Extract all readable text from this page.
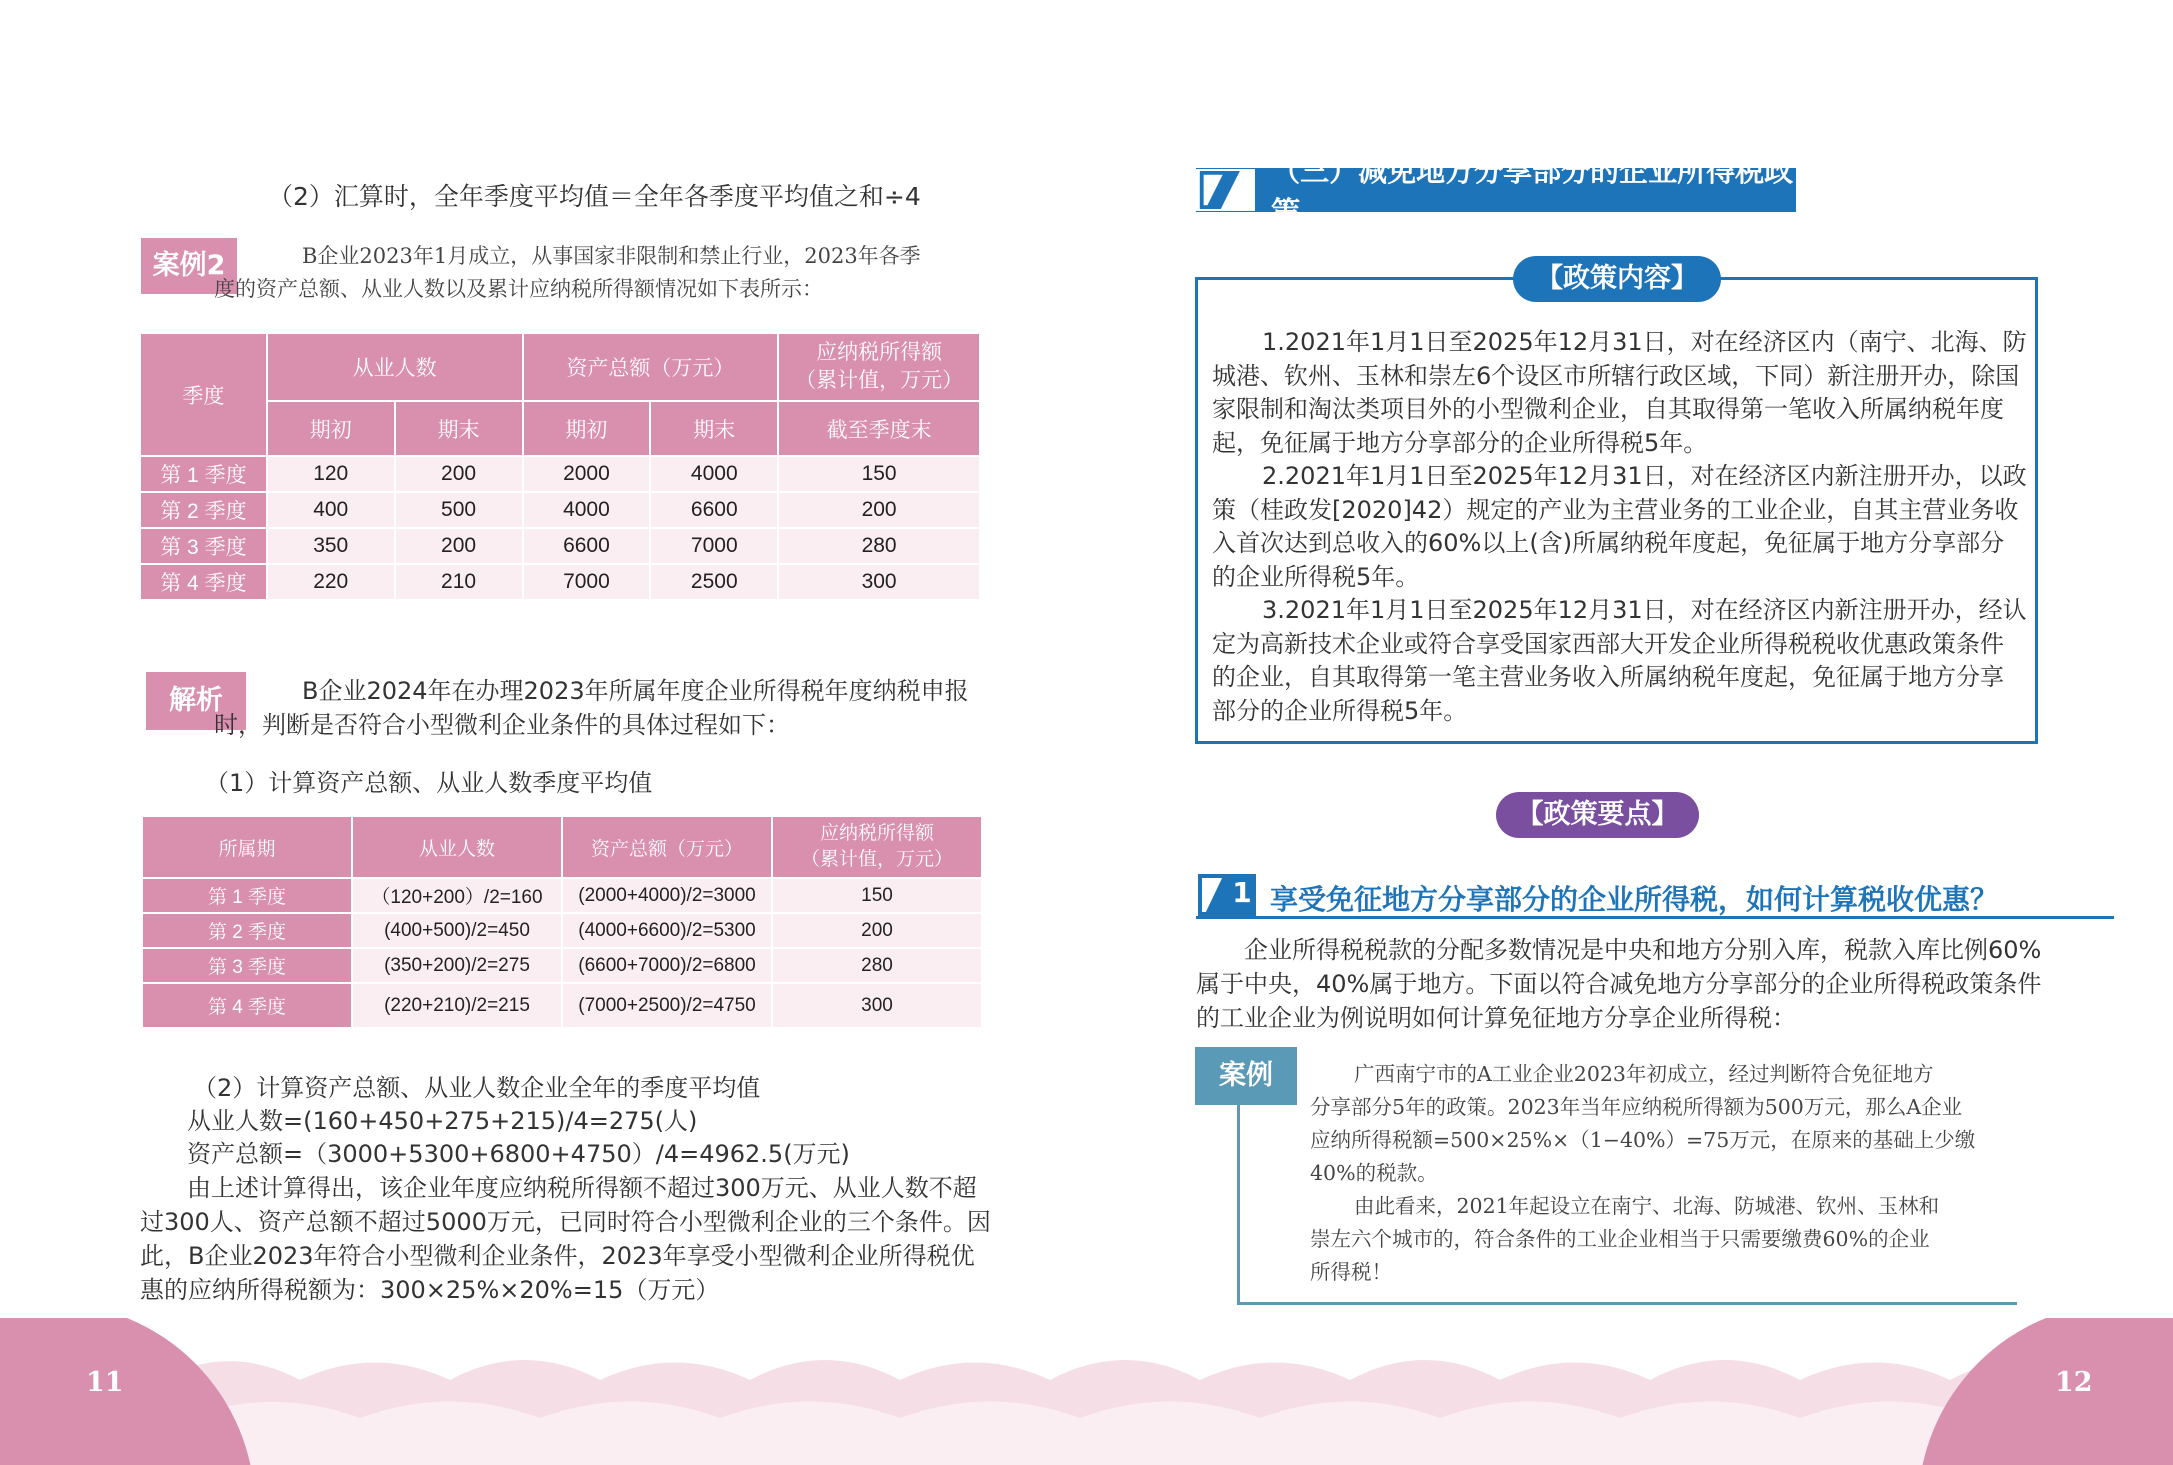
（2）汇算时，全年季度平均值＝全年各季度平均值之和÷4
案例2	B企业2023年1月成立，从事国家非限制和禁止行业，2023年各季
度的资产总额、从业人数以及累计应纳税所得额情况如下表所示：
季度	从业人数		资产总额（万元）		应纳税所得额
（累计值，万元）
	期初	期末	期初	期末	截至季度末
第 1 季度	120	200	2000	4000	150
第 2 季度	400	500	4000	6600	200
第 3 季度	350	200	6600	7000	280
第 4 季度	220	210	7000	2500	300
解析	B企业2024年在办理2023年所属年度企业所得税年度纳税申报
时，判断是否符合小型微利企业条件的具体过程如下：
（1）计算资产总额、从业人数季度平均值
所属期	从业人数	资产总额（万元）	应纳税所得额
（累计值，万元）
第 1 季度	（120+200）/2=160	(2000+4000)/2=3000	150
第 2 季度	(400+500)/2=450	(4000+6600)/2=5300	200
第 3 季度	(350+200)/2=275	(6600+7000)/2=6800	280
第 4 季度	(220+210)/2=215	(7000+2500)/2=4750	300
（2）计算资产总额、从业人数企业全年的季度平均值
从业人数=(160+450+275+215)/4=275(人)
资产总额=（3000+5300+6800+4750）/4=4962.5(万元)
由上述计算得出，该企业年度应纳税所得额不超过300万元、从业人数不超
过300人、资产总额不超过5000万元，已同时符合小型微利企业的三个条件。因
此，B企业2023年符合小型微利企业条件，2023年享受小型微利企业所得税优
惠的应纳所得税额为：300×25%×20%=15（万元）
（三）减免地方分享部分的企业所得税政策
【政策内容】
1.2021年1月1日至2025年12月31日，对在经济区内（南宁、北海、防
城港、钦州、玉林和崇左6个设区市所辖行政区域，下同）新注册开办，除国
家限制和淘汰类项目外的小型微利企业，自其取得第一笔收入所属纳税年度
起，免征属于地方分享部分的企业所得税5年。
2.2021年1月1日至2025年12月31日，对在经济区内新注册开办，以政
策（桂政发[2020]42）规定的产业为主营业务的工业企业，自其主营业务收
入首次达到总收入的60%以上(含)所属纳税年度起，免征属于地方分享部分
的企业所得税5年。
3.2021年1月1日至2025年12月31日，对在经济区内新注册开办，经认
定为高新技术企业或符合享受国家西部大开发企业所得税税收优惠政策条件
的企业，自其取得第一笔主营业务收入所属纳税年度起，免征属于地方分享
部分的企业所得税5年。
【政策要点】
1 享受免征地方分享部分的企业所得税，如何计算税收优惠？
企业所得税税款的分配多数情况是中央和地方分别入库，税款入库比例60%
属于中央，40%属于地方。下面以符合减免地方分享部分的企业所得税政策条件
的工业企业为例说明如何计算免征地方分享企业所得税：
案例	广西南宁市的A工业企业2023年初成立，经过判断符合免征地方
分享部分5年的政策。2023年当年应纳税所得额为500万元，那么A企业
应纳所得税额=500×25%×（1−40%）=75万元，在原来的基础上少缴
40%的税款。
由此看来，2021年起设立在南宁、北海、防城港、钦州、玉林和
崇左六个城市的，符合条件的工业企业相当于只需要缴费60%的企业
所得税！
11	12
